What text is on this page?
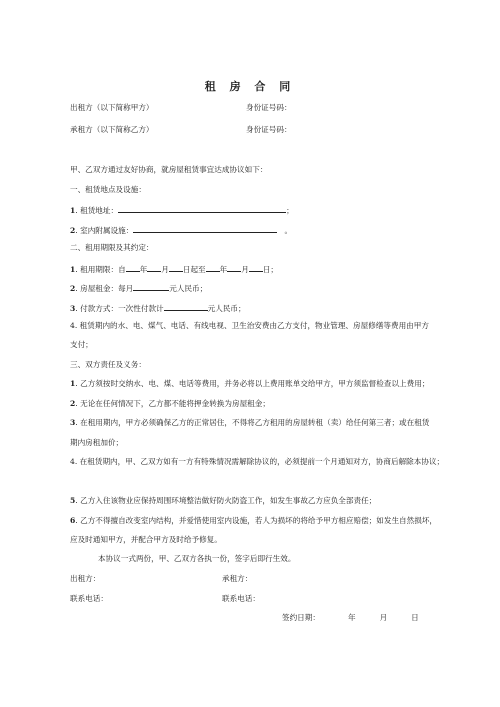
租 房 合 同
出租方（以下简称甲方）	身份证号码：
承租方（以下简称乙方）	身份证号码：
甲、乙双方通过友好协商，就房屋租赁事宜达成协议如下：
一、租赁地点及设施：
1. 租赁地址：	；
2. 室内附属设施：	。
二、租用期限及其约定：
1. 租用期限：自 年 月 日起至 年 月 日；
2. 房屋租金：每月	元人民币；
3. 付款方式：一次性付款计	元人民币；
4. 租赁期内的水、电、煤气、电话、有线电视、卫生治安费由乙方支付，物业管理、房屋修缮等费用由甲方
支付；
三、双方责任及义务：
1. 乙方须按时交纳水、电、煤、电话等费用，并务必将以上费用账单交给甲方，甲方须监督检查以上费用；
2. 无论在任何情况下，乙方都不能将押金转换为房屋租金；
3. 在租用期内，甲方必须确保乙方的正常居住，不得将乙方租用的房屋转租（卖）给任何第三者；或在租赁
期内房租加价；
4. 在租赁期内，甲、乙双方如有一方有特殊情况需解除协议的，必须提前一个月通知对方，协商后解除本协议；
5. 乙方入住该物业应保持周围环境整洁做好防火防盗工作，如发生事故乙方应负全部责任；
6. 乙方不得擅自改变室内结构，并爱惜使用室内设施，若人为损坏的将给予甲方相应赔偿；如发生自然损坏，
应及时通知甲方，并配合甲方及时给予修复。
本协议一式两份，甲、乙双方各执一份，签字后即行生效。
出租方：	承租方：
联系电话：	联系电话：
签约日期：	年	月	日
